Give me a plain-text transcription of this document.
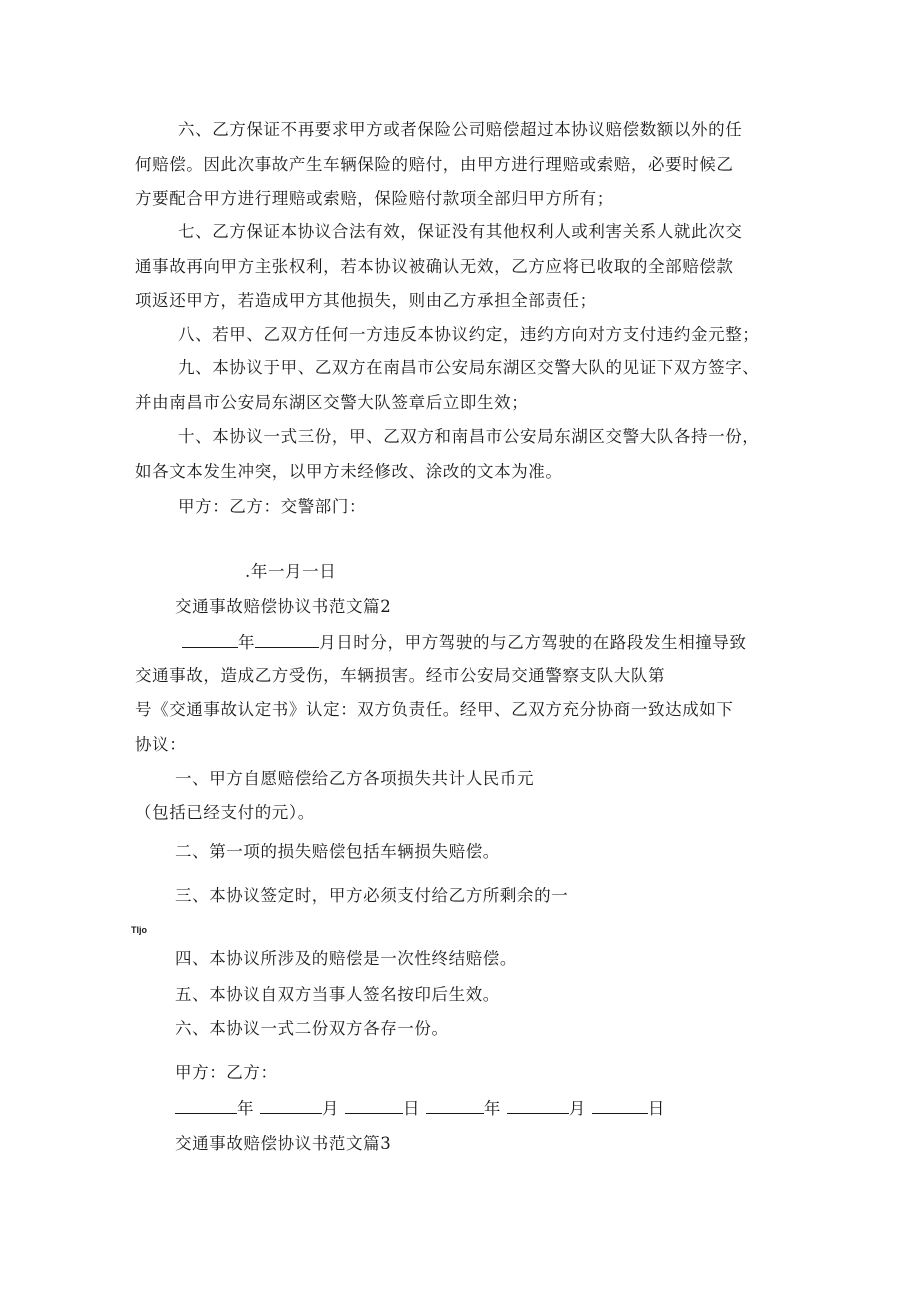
六、乙方保证不再要求甲方或者保险公司赔偿超过本协议赔偿数额以外的任
何赔偿。因此次事故产生车辆保险的赔付，由甲方进行理赔或索赔，必要时候乙
方要配合甲方进行理赔或索赔，保险赔付款项全部归甲方所有；
七、乙方保证本协议合法有效，保证没有其他权利人或利害关系人就此次交
通事故再向甲方主张权利，若本协议被确认无效，乙方应将已收取的全部赔偿款
项返还甲方，若造成甲方其他损失，则由乙方承担全部责任；
八、若甲、乙双方任何一方违反本协议约定，违约方向对方支付违约金元整；
九、本协议于甲、乙双方在南昌市公安局东湖区交警大队的见证下双方签字、
并由南昌市公安局东湖区交警大队签章后立即生效；
十、本协议一式三份，甲、乙双方和南昌市公安局东湖区交警大队各持一份，
如各文本发生冲突，以甲方未经修改、涂改的文本为准。
甲方：乙方：交警部门：
.年一月一日
交通事故赔偿协议书范文篇2
年	月日时分，甲方驾驶的与乙方驾驶的在路段发生相撞导致
交通事故，造成乙方受伤，车辆损害。经市公安局交通警察支队大队第
号《交通事故认定书》认定：双方负责任。经甲、乙双方充分协商一致达成如下
协议：
一、甲方自愿赔偿给乙方各项损失共计人民币元
（包括已经支付的元）。
二、第一项的损失赔偿包括车辆损失赔偿。
三、本协议签定时，甲方必须支付给乙方所剩余的一
Tljo
四、本协议所涉及的赔偿是一次性终结赔偿。
五、本协议自双方当事人签名按印后生效。
六、本协议一式二份双方各存一份。
甲方：乙方：
年	月	日	年	月	日
交通事故赔偿协议书范文篇3
